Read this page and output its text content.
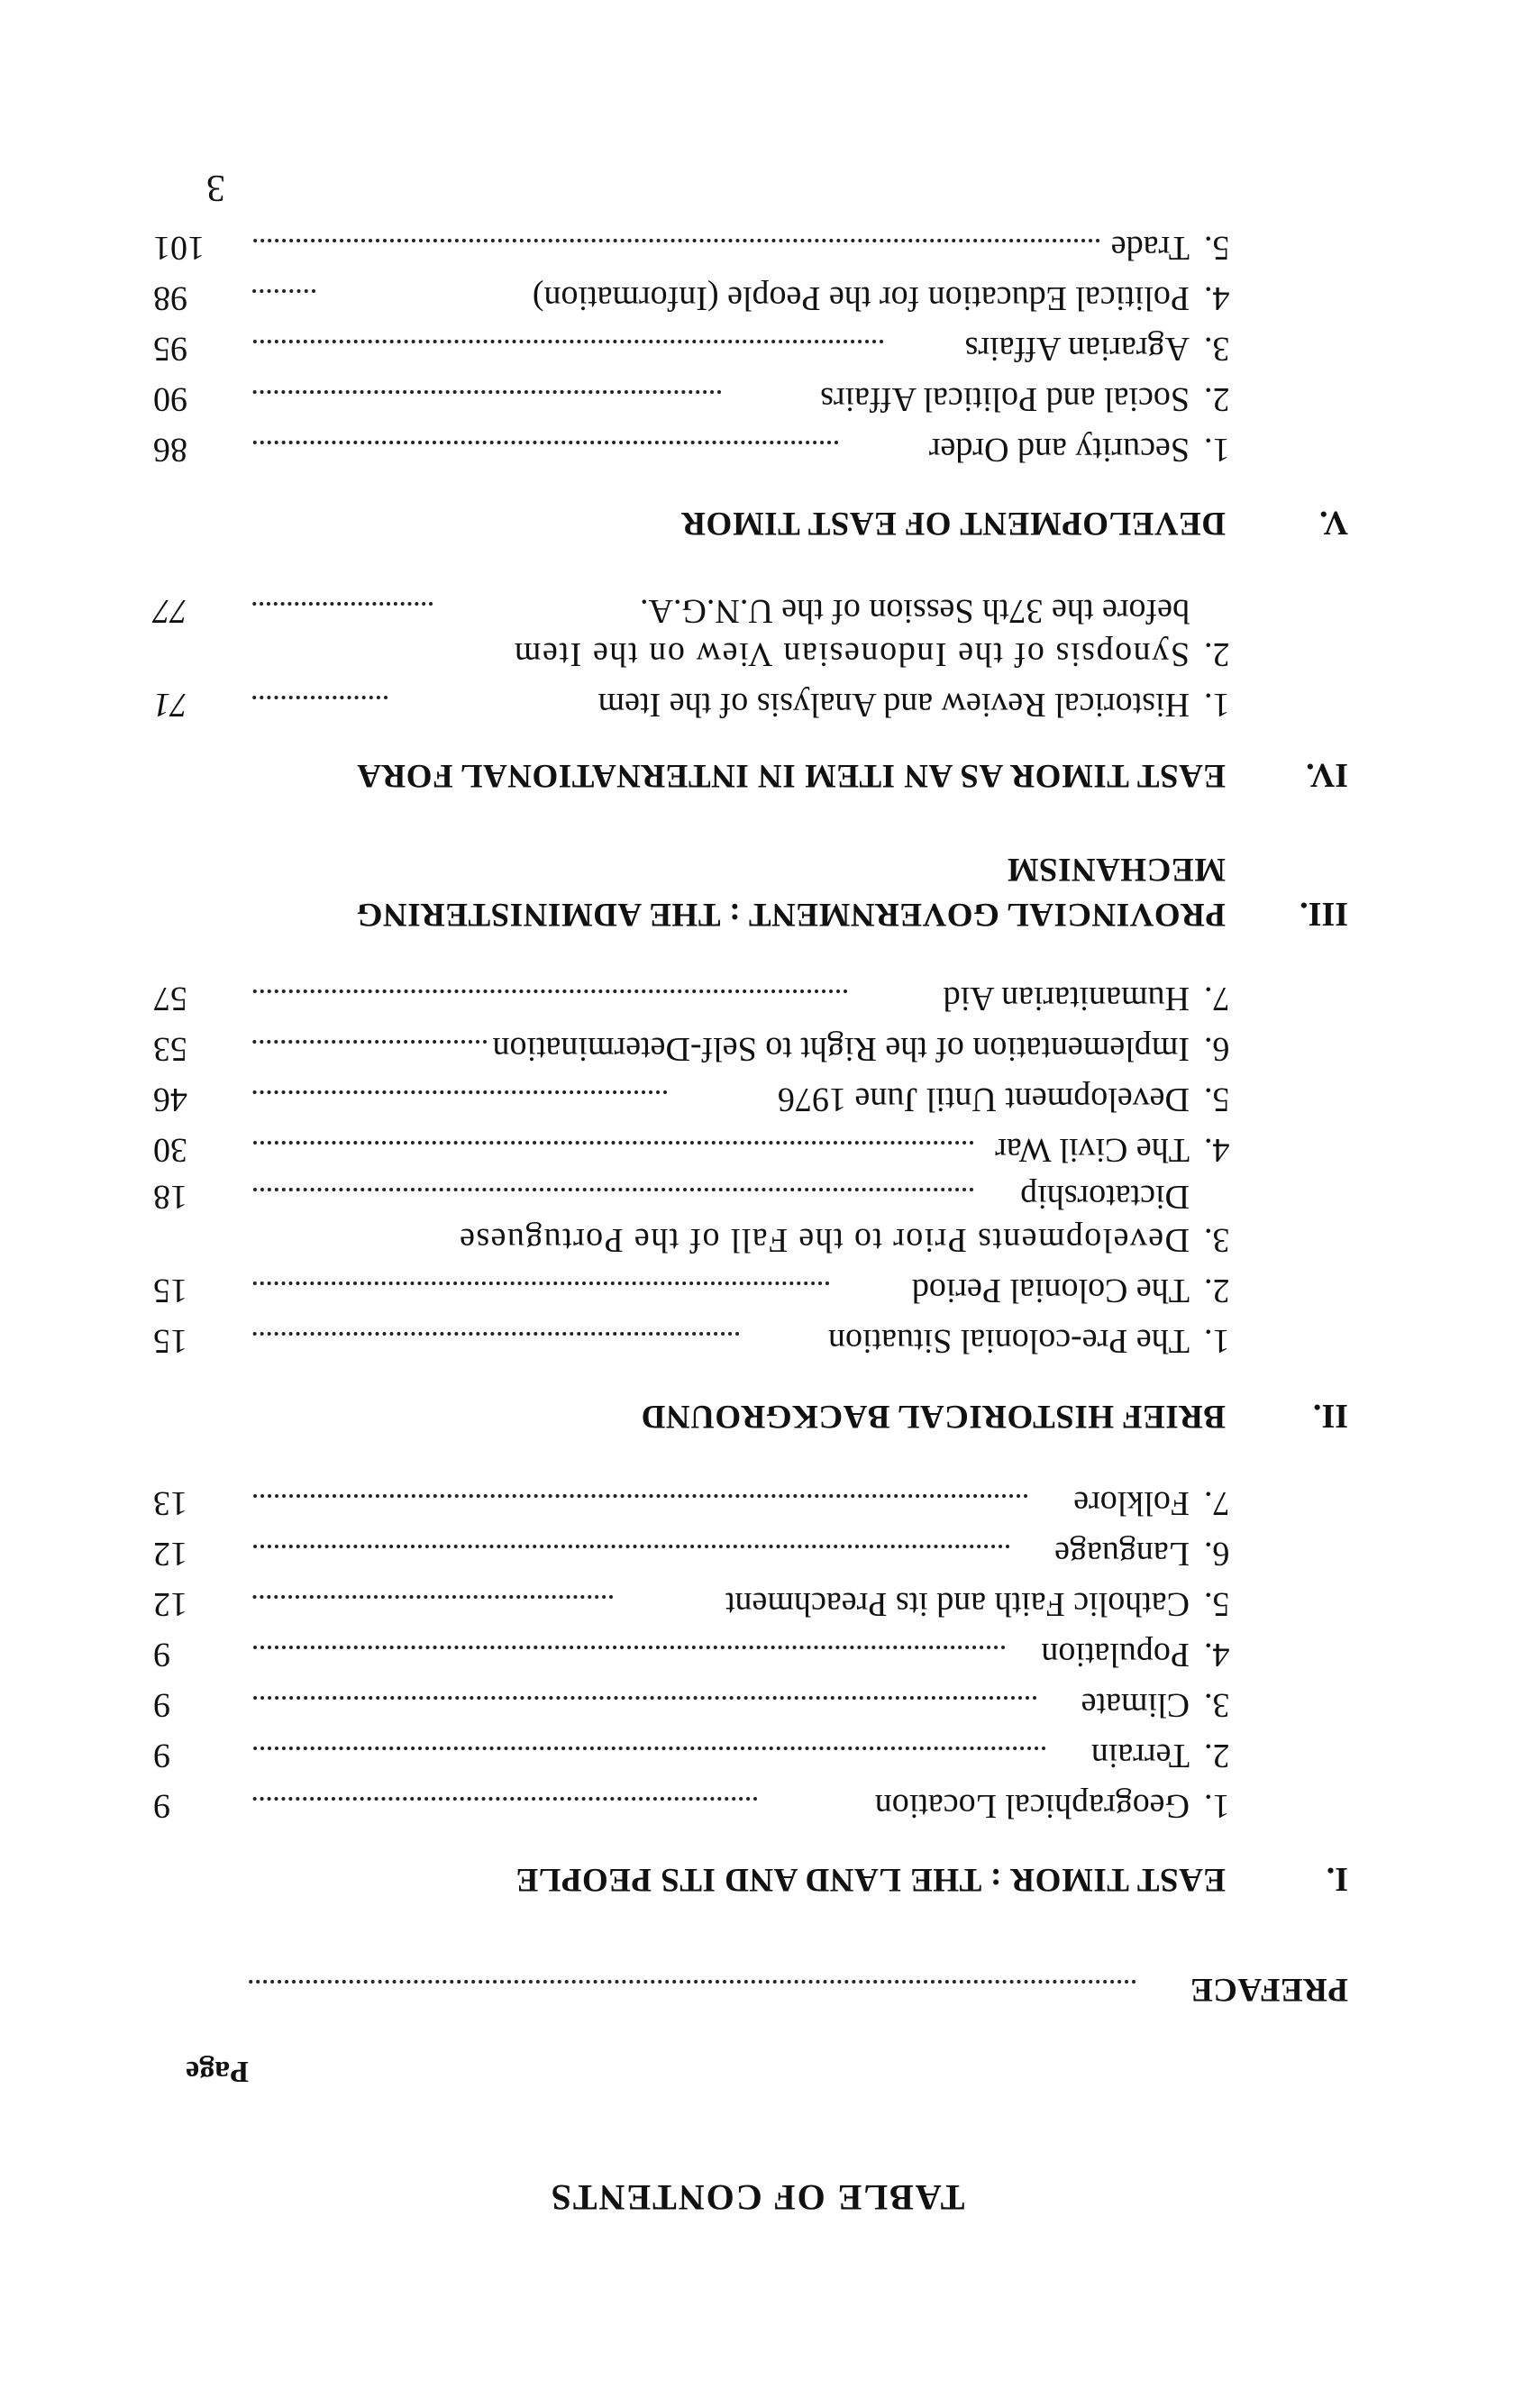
TABLE OF CONTENTS
Page
PREFACE
I.
EAST TIMOR : THE LAND AND ITS PEOPLE
1.
Geographical Location
9
2.
Terrain
9
3.
Climate
9
4.
Population
9
5.
Catholic Faith and its Preachment
12
6.
Language
12
7.
Folklore
13
II.
BRIEF HISTORICAL BACKGROUND
1.
The Pre-colonial Situation
15
2.
The Colonial Period
15
3.
Developments Prior to the Fall of the Portuguese
Dictatorship
18
4.
The Civil War
30
5.
Development Until June 1976
46
6.
Implementation of the Right to Self-Determination
53
7.
Humanitarian Aid
57
III.
PROVINCIAL GOVERNMENT : THE ADMINISTERING
MECHANISM
IV.
EAST TIMOR AS AN ITEM IN INTERNATIONAL FORA
1.
Historical Review and Analysis of the Item
71
2.
Synopsis of the Indonesian View on the Item
before the 37th Session of the U.N.G.A.
77
V.
DEVELOPMENT OF EAST TIMOR
1.
Security and Order
86
2.
Social and Political Affairs
90
3.
Agrarian Affairs
95
4.
Political Education for the People (Information)
98
5.
Trade
101
3
